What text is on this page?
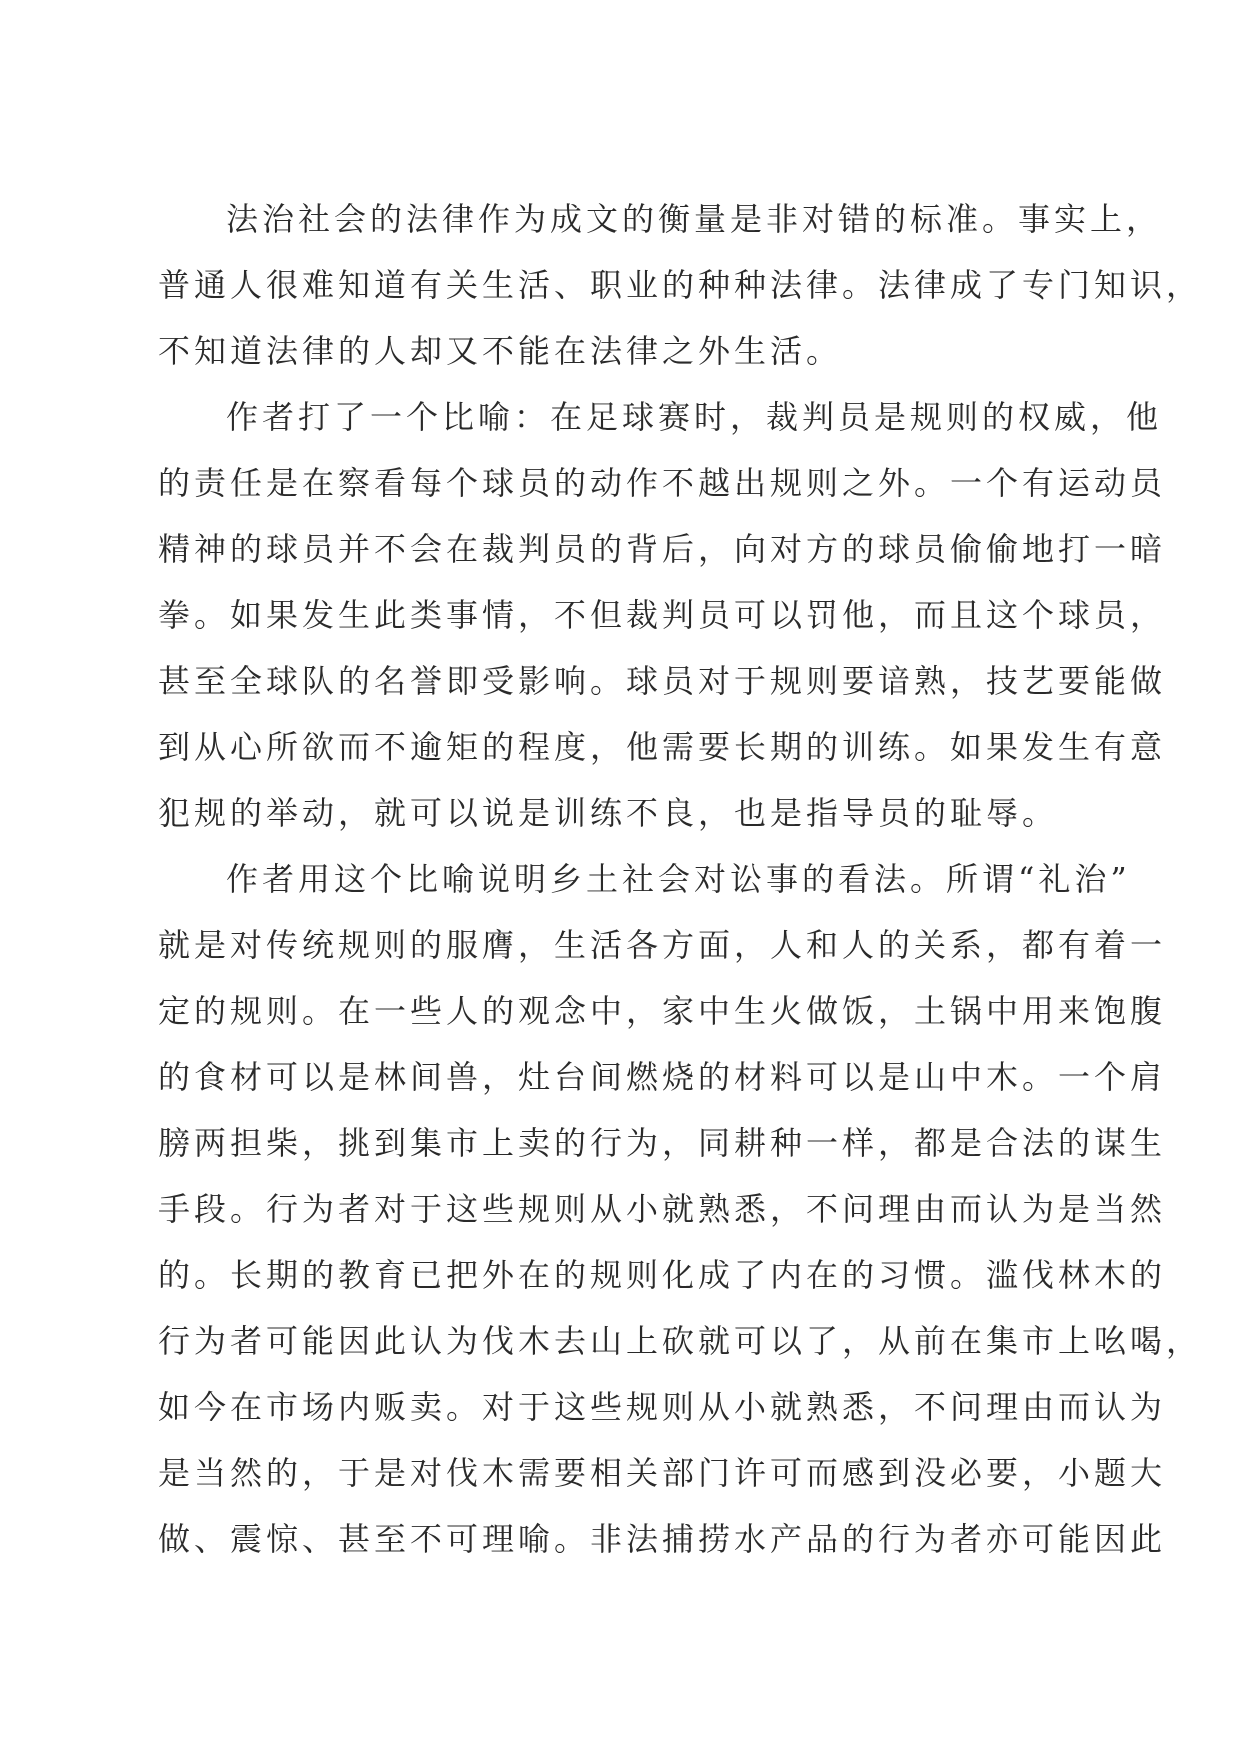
法治社会的法律作为成文的衡量是非对错的标准。事实上，
普通人很难知道有关生活、职业的种种法律。法律成了专门知识，
不知道法律的人却又不能在法律之外生活。
作者打了一个比喻：在足球赛时，裁判员是规则的权威，他
的责任是在察看每个球员的动作不越出规则之外。一个有运动员
精神的球员并不会在裁判员的背后，向对方的球员偷偷地打一暗
拳。如果发生此类事情，不但裁判员可以罚他，而且这个球员，
甚至全球队的名誉即受影响。球员对于规则要谙熟，技艺要能做
到从心所欲而不逾矩的程度，他需要长期的训练。如果发生有意
犯规的举动，就可以说是训练不良，也是指导员的耻辱。
作者用这个比喻说明乡土社会对讼事的看法。所谓“礼治”
就是对传统规则的服膺，生活各方面，人和人的关系，都有着一
定的规则。在一些人的观念中，家中生火做饭，土锅中用来饱腹
的食材可以是林间兽，灶台间燃烧的材料可以是山中木。一个肩
膀两担柴，挑到集市上卖的行为，同耕种一样，都是合法的谋生
手段。行为者对于这些规则从小就熟悉，不问理由而认为是当然
的。长期的教育已把外在的规则化成了内在的习惯。滥伐林木的
行为者可能因此认为伐木去山上砍就可以了，从前在集市上吆喝，
如今在市场内贩卖。对于这些规则从小就熟悉，不问理由而认为
是当然的，于是对伐木需要相关部门许可而感到没必要，小题大
做、震惊、甚至不可理喻。非法捕捞水产品的行为者亦可能因此
